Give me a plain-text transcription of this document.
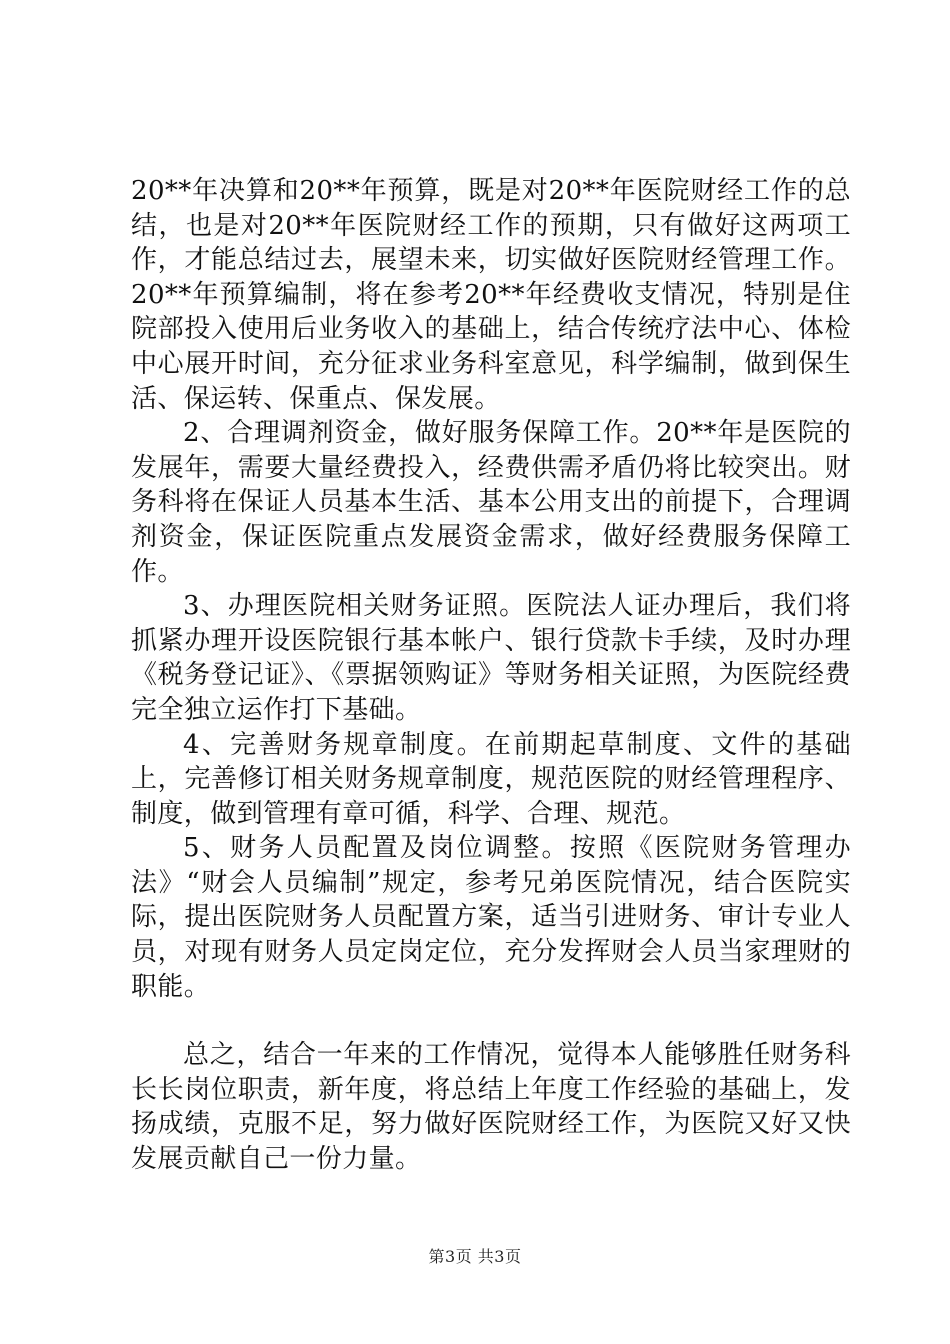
20**年决算和20**年预算，既是对20**年医院财经工作的总结，也是对20**年医院财经工作的预期，只有做好这两项工作，才能总结过去，展望未来，切实做好医院财经管理工作。20**年预算编制，将在参考20**年经费收支情况，特别是住院部投入使用后业务收入的基础上，结合传统疗法中心、体检中心展开时间，充分征求业务科室意见，科学编制，做到保生活、保运转、保重点、保发展。

2、合理调剂资金，做好服务保障工作。20**年是医院的发展年，需要大量经费投入，经费供需矛盾仍将比较突出。财务科将在保证人员基本生活、基本公用支出的前提下，合理调剂资金，保证医院重点发展资金需求，做好经费服务保障工作。

3、办理医院相关财务证照。医院法人证办理后，我们将抓紧办理开设医院银行基本帐户、银行贷款卡手续，及时办理《税务登记证》、《票据领购证》等财务相关证照，为医院经费完全独立运作打下基础。

4、完善财务规章制度。在前期起草制度、文件的基础上，完善修订相关财务规章制度，规范医院的财经管理程序、制度，做到管理有章可循，科学、合理、规范。

5、财务人员配置及岗位调整。按照《医院财务管理办法》“财会人员编制”规定，参考兄弟医院情况，结合医院实际，提出医院财务人员配置方案，适当引进财务、审计专业人员，对现有财务人员定岗定位，充分发挥财会人员当家理财的职能。

总之，结合一年来的工作情况，觉得本人能够胜任财务科长长岗位职责，新年度，将总结上年度工作经验的基础上，发扬成绩，克服不足，努力做好医院财经工作，为医院又好又快发展贡献自己一份力量。

第3页 共3页
